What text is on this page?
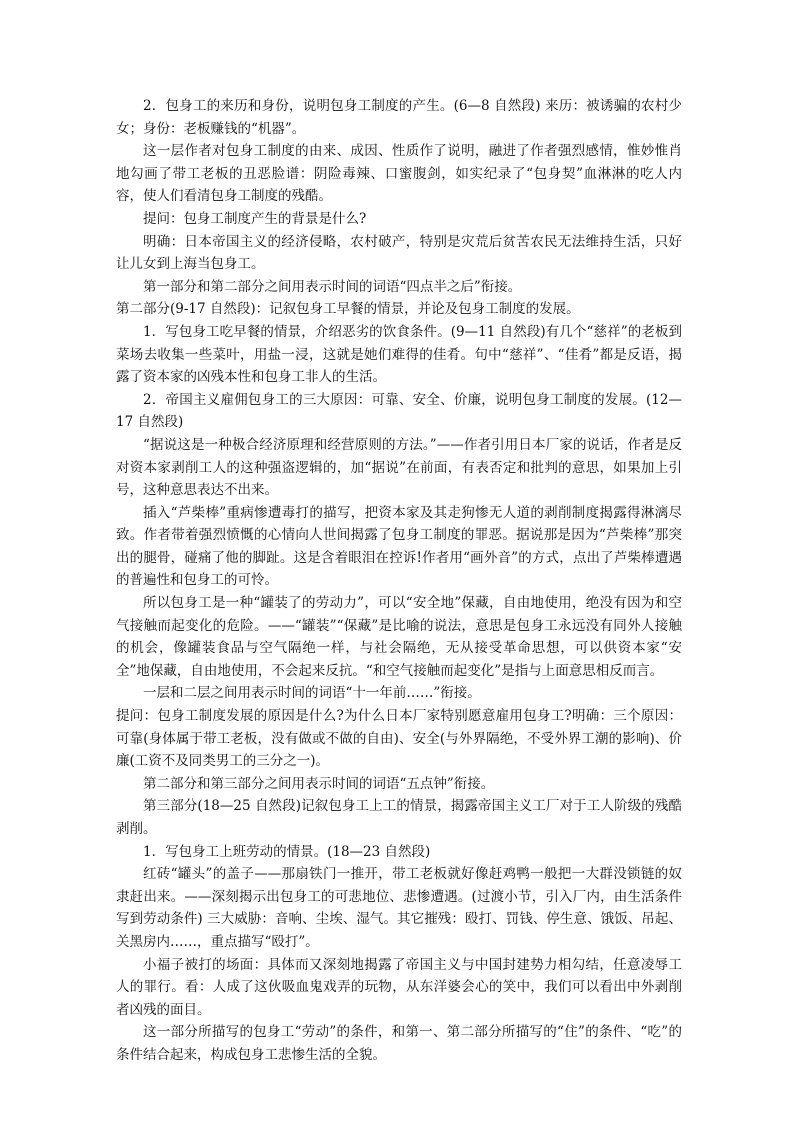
2．包身工的来历和身份，说明包身工制度的产生。(6—8 自然段) 来历：被诱骗的农村少女；身份：老板赚钱的“机器”。

这一层作者对包身工制度的由来、成因、性质作了说明，融进了作者强烈感情，惟妙惟肖地勾画了带工老板的丑恶脸谱：阴险毒辣、口蜜腹剑，如实纪录了“包身契”血淋淋的吃人内容，使人们看清包身工制度的残酷。

提问：包身工制度产生的背景是什么?

明确：日本帝国主义的经济侵略，农村破产，特别是灾荒后贫苦农民无法维持生活，只好让儿女到上海当包身工。

第一部分和第二部分之间用表示时间的词语“四点半之后”衔接。

第二部分(9-17 自然段)：记叙包身工早餐的情景，并论及包身工制度的发展。

1．写包身工吃早餐的情景，介绍恶劣的饮食条件。(9—11 自然段)有几个“慈祥”的老板到菜场去收集一些菜叶，用盐一浸，这就是她们难得的佳肴。句中“慈祥”、“佳肴”都是反语，揭露了资本家的凶残本性和包身工非人的生活。

2．帝国主义雇佣包身工的三大原因：可靠、安全、价廉，说明包身工制度的发展。(12—17 自然段)

“据说这是一种极合经济原理和经营原则的方法。”——作者引用日本厂家的说话，作者是反对资本家剥削工人的这种强盗逻辑的，加“据说”在前面，有表否定和批判的意思，如果加上引号，这种意思表达不出来。

插入“芦柴棒”重病惨遭毒打的描写，把资本家及其走狗惨无人道的剥削制度揭露得淋漓尽致。作者带着强烈愤慨的心情向人世间揭露了包身工制度的罪恶。据说那是因为“芦柴棒”那突出的腿骨，碰痛了他的脚趾。这是含着眼泪在控诉!作者用“画外音”的方式，点出了芦柴棒遭遇的普遍性和包身工的可怜。

所以包身工是一种“罐装了的劳动力”，可以“安全地”保藏，自由地使用，绝没有因为和空气接触而起变化的危险。——“罐装”“保藏”是比喻的说法，意思是包身工永远没有同外人接触的机会，像罐装食品与空气隔绝一样，与社会隔绝，无从接受革命思想，可以供资本家“安全”地保藏，自由地使用，不会起来反抗。“和空气接触而起变化”是指与上面意思相反而言。

一层和二层之间用表示时间的词语“十一年前……”衔接。

提问：包身工制度发展的原因是什么?为什么日本厂家特别愿意雇用包身工?明确：三个原因：可靠(身体属于带工老板，没有做或不做的自由)、安全(与外界隔绝，不受外界工潮的影响)、价廉(工资不及同类男工的三分之一)。

第二部分和第三部分之间用表示时间的词语“五点钟”衔接。

第三部分(18—25 自然段)记叙包身工上工的情景，揭露帝国主义工厂对于工人阶级的残酷剥削。

1．写包身工上班劳动的情景。(18—23 自然段)

红砖“罐头”的盖子——那扇铁门一推开，带工老板就好像赶鸡鸭一般把一大群没锁链的奴隶赶出来。——深刻揭示出包身工的可悲地位、悲惨遭遇。(过渡小节，引入厂内，由生活条件写到劳动条件) 三大威胁：音响、尘埃、湿气。其它摧残：殴打、罚钱、停生意、饿饭、吊起、关黑房内……，重点描写“殴打”。

小福子被打的场面：具体而又深刻地揭露了帝国主义与中国封建势力相勾结，任意凌辱工人的罪行。看：人成了这伙吸血鬼戏弄的玩物，从东洋婆会心的笑中，我们可以看出中外剥削者凶残的面目。

这一部分所描写的包身工“劳动”的条件，和第一、第二部分所描写的“住”的条件、“吃”的条件结合起来，构成包身工悲惨生活的全貌。
